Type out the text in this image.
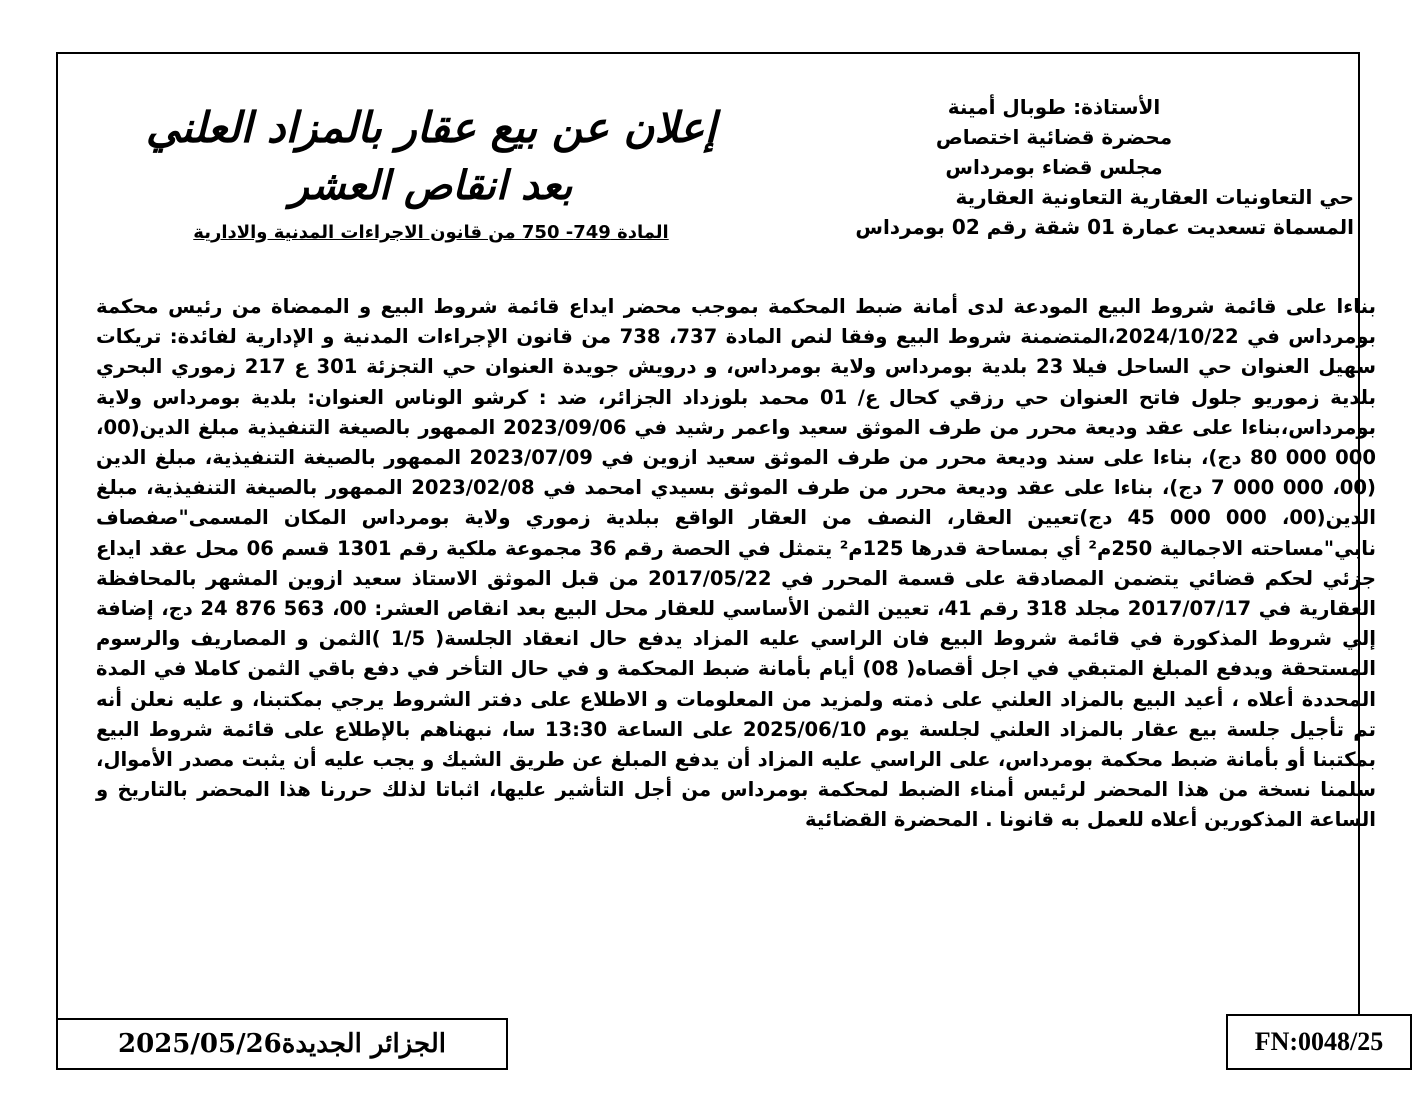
الأستاذة: طوبال أمينة
محضرة قضائية اختصاص
مجلس قضاء بومرداس
حي التعاونيات العقارية التعاونية العقارية
المسماة تسعديت عمارة 01 شقة رقم 02 بومرداس
إعلان عن بيع عقار بالمزاد العلني
بعد انقاص العشر
المادة 749- 750 من قانون الاجراءات المدنية والادارية
بناءا على قائمة شروط البيع المودعة لدى أمانة ضبط المحكمة بموجب محضر ايداع قائمة شروط البيع و الممضاة من رئيس محكمة بومرداس في 2024/10/22،المتضمنة شروط البيع وفقا لنص المادة 737، 738 من قانون الإجراءات المدنية و الإدارية لفائدة: تريكات سهيل العنوان حي الساحل فيلا 23 بلدية بومرداس ولاية بومرداس، و درويش جويدة العنوان حي التجزئة 301 ع 217 زموري البحري بلدية زموريو جلول فاتح العنوان حي رزقي كحال ع/ 01 محمد بلوزداد الجزائر، ضد : كرشو الوناس العنوان: بلدية بومرداس ولاية بومرداس،بناءا على عقد وديعة محرر من طرف الموثق سعيد واعمر رشيد في 2023/09/06 الممهور بالصيغة التنفيذية مبلغ الدين(00، 000 000 80 دج)، بناءا على سند وديعة محرر من طرف الموثق سعيد ازوين في 2023/07/09 الممهور بالصيغة التنفيذية، مبلغ الدين (00، 000 000 7 دج)، بناءا على عقد وديعة محرر من طرف الموثق بسيدي امحمد في 2023/02/08 الممهور بالصيغة التنفيذية، مبلغ الدين(00، 000 000 45 دج)تعيين العقار، النصف من العقار الواقع ببلدية زموري ولاية بومرداس المكان المسمى"صفصاف نابي"مساحته الاجمالية 250م² أي بمساحة قدرها 125م² يتمثل في الحصة رقم 36 مجموعة ملكية رقم 1301 قسم 06 محل عقد ايداع جزئي لحكم قضائي يتضمن المصادقة على قسمة المحرر في 2017/05/22 من قبل الموثق الاستاذ سعيد ازوين المشهر بالمحافظة العقارية في 2017/07/17 مجلد 318 رقم 41، تعيين الثمن الأساسي للعقار محل البيع بعد انقاص العشر: 00، 563 876 24 دج، إضافة إلي شروط المذكورة في قائمة شروط البيع فان الراسي عليه المزاد يدفع حال انعقاد الجلسة( 1/5 )الثمن و المصاريف والرسوم المستحقة ويدفع المبلغ المتبقي في اجل أقصاه( 08) أيام بأمانة ضبط المحكمة و في حال التأخر في دفع باقي الثمن كاملا في المدة المحددة أعلاه ، أعيد البيع بالمزاد العلني على ذمته ولمزيد من المعلومات و الاطلاع على دفتر الشروط يرجي بمكتبنا، و عليه نعلن أنه تم تأجيل جلسة بيع عقار بالمزاد العلني لجلسة يوم 2025/06/10 على الساعة 13:30 سا، نبهناهم بالإطلاع على قائمة شروط البيع بمكتبنا أو بأمانة ضبط محكمة بومرداس، على الراسي عليه المزاد أن يدفع المبلغ عن طريق الشيك و يجب عليه أن يثبت مصدر الأموال، سلمنا نسخة من هذا المحضر لرئيس أمناء الضبط لمحكمة بومرداس من أجل التأشير عليها، اثباتا لذلك حررنا هذا المحضر بالتاريخ و الساعة المذكورين أعلاه للعمل به قانونا . المحضرة القضائية
الجزائر الجديدة2025/05/26	FN:0048/25
